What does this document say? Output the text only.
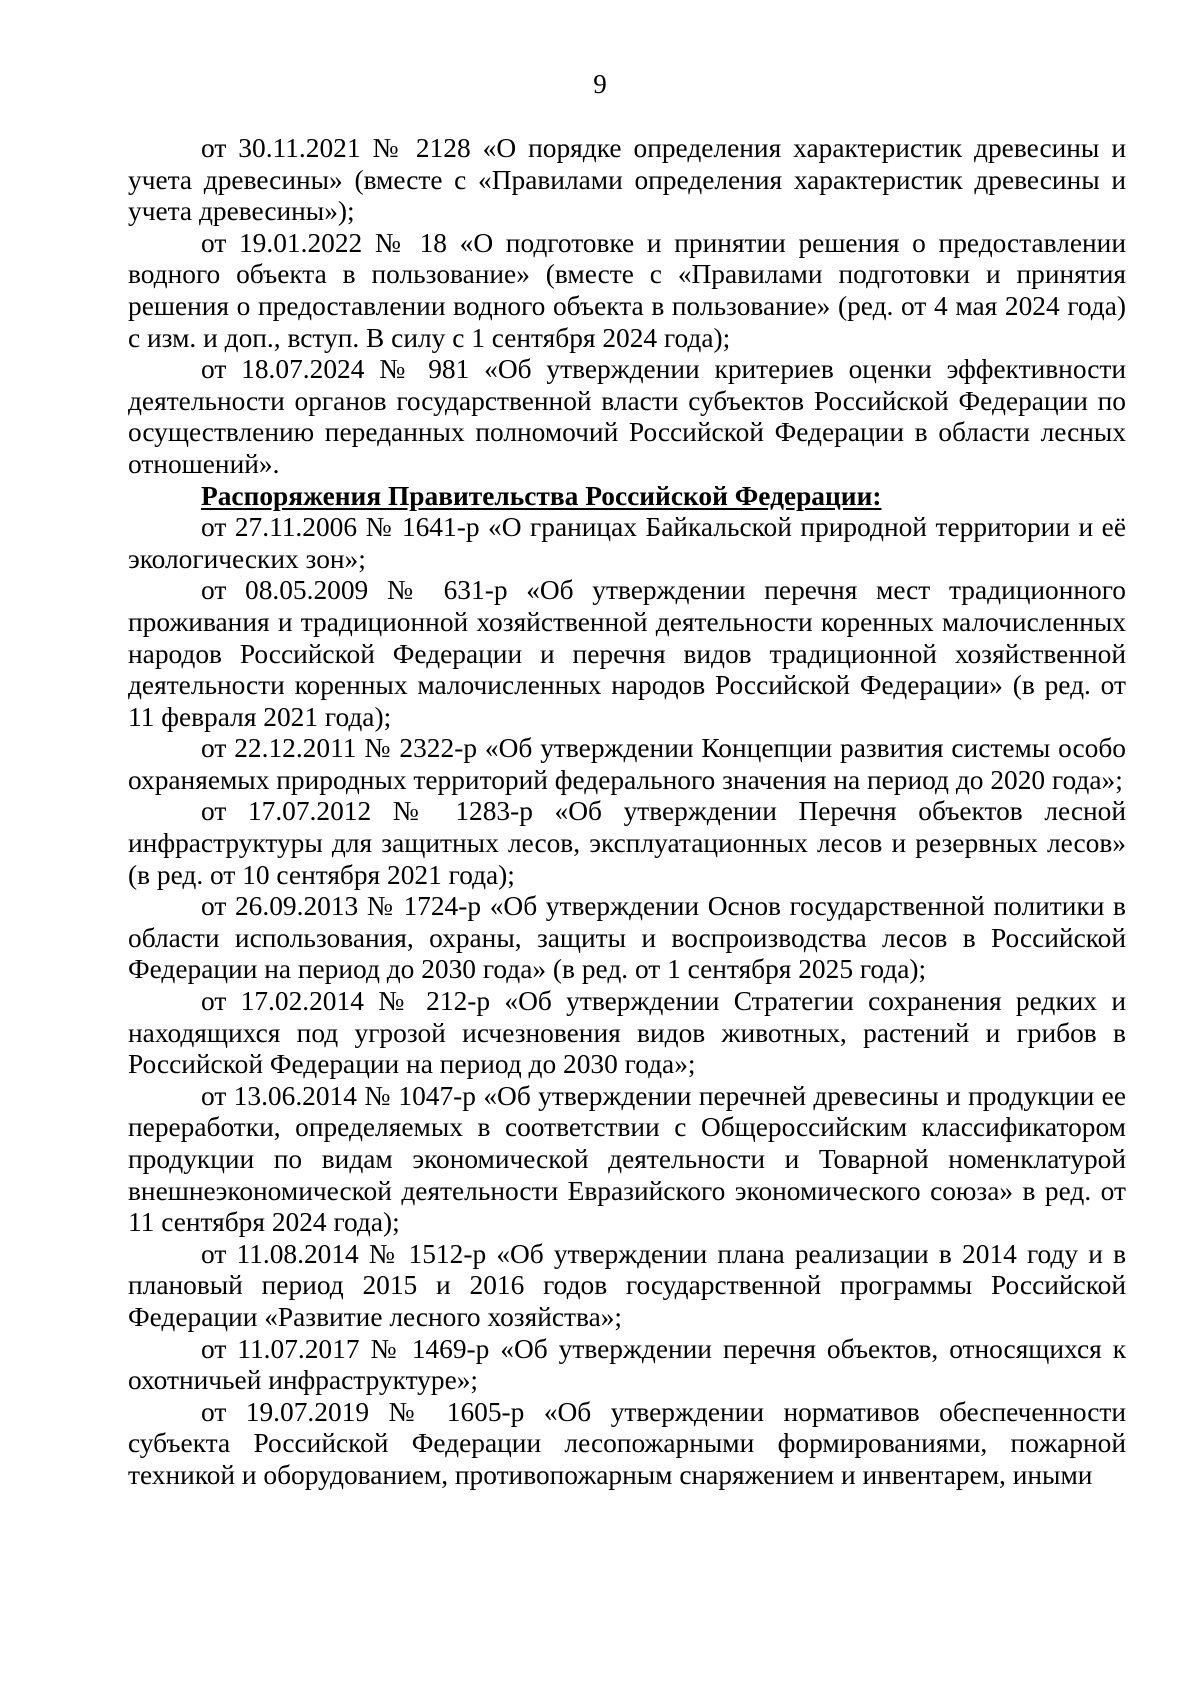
9

от 30.11.2021 № 2128 «О порядке определения характеристик древесины и учета древесины» (вместе с «Правилами определения характеристик древесины и учета древесины»);

от 19.01.2022 № 18 «О подготовке и принятии решения о предоставлении водного объекта в пользование» (вместе с «Правилами подготовки и принятия решения о предоставлении водного объекта в пользование» (ред. от 4 мая 2024 года) с изм. и доп., вступ. В силу с 1 сентября 2024 года);

от 18.07.2024 № 981 «Об утверждении критериев оценки эффективности деятельности органов государственной власти субъектов Российской Федерации по осуществлению переданных полномочий Российской Федерации в области лесных отношений».

Распоряжения Правительства Российской Федерации:

от 27.11.2006 № 1641-р «О границах Байкальской природной территории и её экологических зон»;

от 08.05.2009 № 631-р «Об утверждении перечня мест традиционного проживания и традиционной хозяйственной деятельности коренных малочисленных народов Российской Федерации и перечня видов традиционной хозяйственной деятельности коренных малочисленных народов Российской Федерации» (в ред. от 11 февраля 2021 года);

от 22.12.2011 № 2322-р «Об утверждении Концепции развития системы особо охраняемых природных территорий федерального значения на период до 2020 года»;

от 17.07.2012 № 1283-р «Об утверждении Перечня объектов лесной инфраструктуры для защитных лесов, эксплуатационных лесов и резервных лесов» (в ред. от 10 сентября 2021 года);

от 26.09.2013 № 1724-р «Об утверждении Основ государственной политики в области использования, охраны, защиты и воспроизводства лесов в Российской Федерации на период до 2030 года» (в ред. от 1 сентября 2025 года);

от 17.02.2014 № 212-р «Об утверждении Стратегии сохранения редких и находящихся под угрозой исчезновения видов животных, растений и грибов в Российской Федерации на период до 2030 года»;

от 13.06.2014 № 1047-р «Об утверждении перечней древесины и продукции ее переработки, определяемых в соответствии с Общероссийским классификатором продукции по видам экономической деятельности и Товарной номенклатурой внешнеэкономической деятельности Евразийского экономического союза» в ред. от 11 сентября 2024 года);

от 11.08.2014 № 1512-р «Об утверждении плана реализации в 2014 году и в плановый период 2015 и 2016 годов государственной программы Российской Федерации «Развитие лесного хозяйства»;

от 11.07.2017 № 1469-р «Об утверждении перечня объектов, относящихся к охотничьей инфраструктуре»;

от 19.07.2019 № 1605-р «Об утверждении нормативов обеспеченности субъекта Российской Федерации лесопожарными формированиями, пожарной техникой и оборудованием, противопожарным снаряжением и инвентарем, иными
